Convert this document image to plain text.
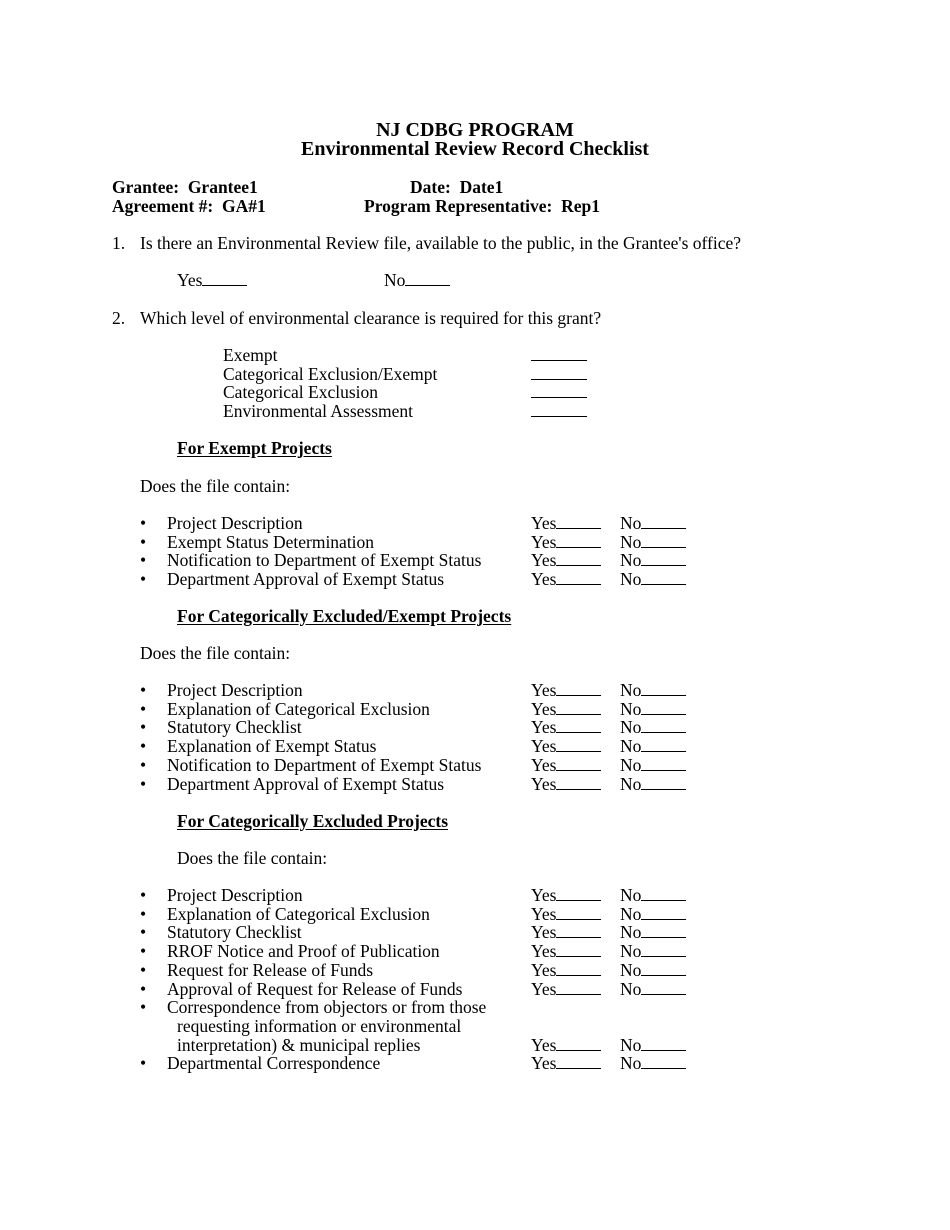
NJ CDBG PROGRAM
Environmental Review Record Checklist
Grantee: Grantee1	Date: Date1
Agreement #: GA#1	Program Representative: Rep1
1. Is there an Environmental Review file, available to the public, in the Grantee's office?
Yes	No
2. Which level of environmental clearance is required for this grant?
Exempt
Categorical Exclusion/Exempt
Categorical Exclusion
Environmental Assessment
For Exempt Projects
Does the file contain:
• Project Description	Yes	No
• Exempt Status Determination	Yes	No
• Notification to Department of Exempt Status	Yes	No
• Department Approval of Exempt Status	Yes	No
For Categorically Excluded/Exempt Projects
Does the file contain:
• Project Description	Yes	No
• Explanation of Categorical Exclusion	Yes	No
• Statutory Checklist	Yes	No
• Explanation of Exempt Status	Yes	No
• Notification to Department of Exempt Status	Yes	No
• Department Approval of Exempt Status	Yes	No
For Categorically Excluded Projects
Does the file contain:
• Project Description	Yes	No
• Explanation of Categorical Exclusion	Yes	No
• Statutory Checklist	Yes	No
• RROF Notice and Proof of Publication	Yes	No
• Request for Release of Funds	Yes	No
• Approval of Request for Release of Funds	Yes	No
• Correspondence from objectors or from those
requesting information or environmental
interpretation) & municipal replies	Yes	No
• Departmental Correspondence	Yes	No
